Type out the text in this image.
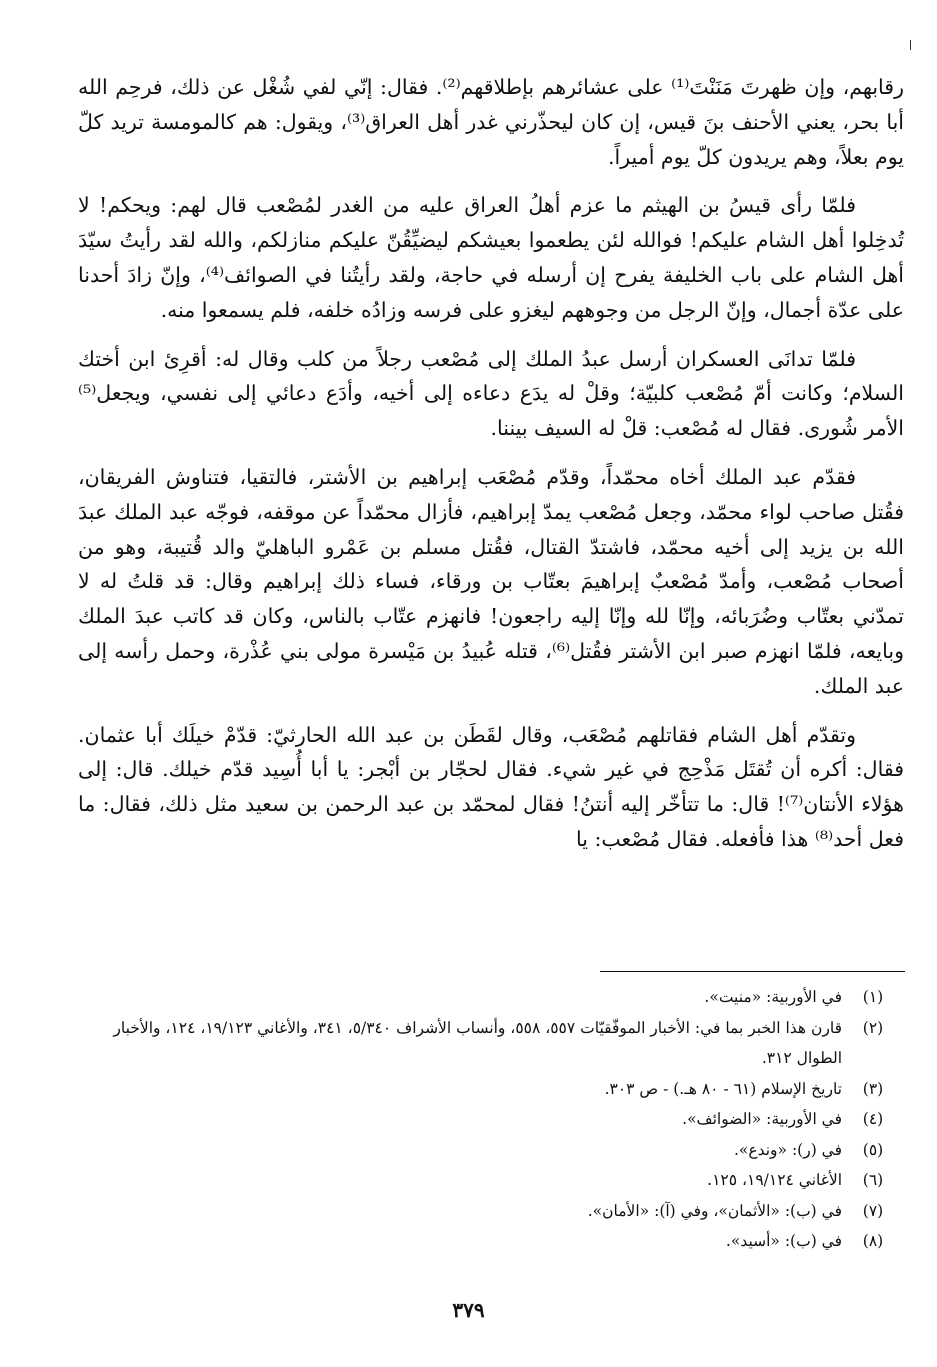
رقابهم، وإن ظهرتَ مَنَنْتَ⁽¹⁾ على عشائرهم بإطلاقهم⁽²⁾. فقال: إنّي لفي شُغْل عن ذلك، فرحِم الله أبا بحر، يعني الأحنف بنَ قيس، إن كان ليحذّرني غدر أهل العراق⁽³⁾، ويقول: هم كالمومسة تريد كلّ يوم بعلاً، وهم يريدون كلّ يوم أميراً.

فلمّا رأى قيسُ بن الهيثم ما عزم أهلُ العراق عليه من الغدر لمُصْعب قال لهم: ويحكم! لا تُدخِلوا أهل الشام عليكم! فوالله لئن يطعموا بعيشكم ليضيِّقُنّ عليكم منازلكم، والله لقد رأيتُ سيّدَ أهل الشام على باب الخليفة يفرح إن أرسله في حاجة، ولقد رأيتُنا في الصوائف⁽⁴⁾، وإنّ زادَ أحدنا على عدّة أجمال، وإنّ الرجل من وجوههم ليغزو على فرسه وزادُه خلفه، فلم يسمعوا منه.

فلمّا تدانَى العسكران أرسل عبدُ الملك إلى مُصْعب رجلاً من كلب وقال له: أقرِئ ابن أختك السلام؛ وكانت أمّ مُصْعب كلبيّة؛ وقلْ له يدَع دعاءه إلى أخيه، وأدَع دعائي إلى نفسي، ويجعل⁽⁵⁾ الأمر شُورى. فقال له مُصْعب: قلْ له السيف بيننا.

فقدّم عبد الملك أخاه محمّداً، وقدّم مُصْعَب إبراهيم بن الأشتر، فالتقيا، فتناوش الفريقان، فقُتل صاحب لواء محمّد، وجعل مُصْعب يمدّ إبراهيم، فأزال محمّداً عن موقفه، فوجّه عبد الملك عبدَ الله بن يزيد إلى أخيه محمّد، فاشتدّ القتال، فقُتل مسلم بن عَمْرو الباهليّ والد قُتيبة، وهو من أصحاب مُصْعب، وأمدّ مُصْعبٌ إبراهيمَ بعتّاب بن ورقاء، فساء ذلك إبراهيم وقال: قد قلتُ له لا تمدّني بعتّاب وضُرَبائه، وإنّا لله وإنّا إليه راجعون! فانهزم عتّاب بالناس، وكان قد كاتب عبدَ الملك وبايعه، فلمّا انهزم صبر ابن الأشتر فقُتل⁽⁶⁾، قتله عُبيدُ بن مَيْسرة مولى بني عُذْرة، وحمل رأسه إلى عبد الملك.

وتقدّم أهل الشام فقاتلهم مُصْعَب، وقال لقَطَن بن عبد الله الحارثيّ: قدّمْ خيلَك أبا عثمان. فقال: أكره أن تُقتَل مَذْحِج في غير شيء. فقال لحجّار بن أبْجر: يا أبا أُسِيد قدّم خيلك. قال: إلى هؤلاء الأنتان⁽⁷⁾! قال: ما تتأخّر إليه أنتنُ! فقال لمحمّد بن عبد الرحمن بن سعيد مثل ذلك، فقال: ما فعل أحد⁽⁸⁾ هذا فأفعله. فقال مُصْعب: يا

(١)
في الأوربية: «منيت».
(٢)
قارن هذا الخبر بما في: الأخبار الموفّقيّات ٥٥٧، ٥٥٨، وأنساب الأشراف ٥/٣٤٠، ٣٤١، والأغاني ١٩/١٢٣، ١٢٤، والأخبار الطوال ٣١٢.
(٣)
تاريخ الإسلام (٦١ - ٨٠ هـ.) - ص ٣٠٣.
(٤)
في الأوربية: «الضوائف».
(٥)
في (ر): «وندع».
(٦)
الأغاني ١٩/١٢٤، ١٢٥.
(٧)
في (ب): «الأثمان»، وفي (آ): «الأمان».
(٨)
في (ب): «أسيد».
٣٧٩
